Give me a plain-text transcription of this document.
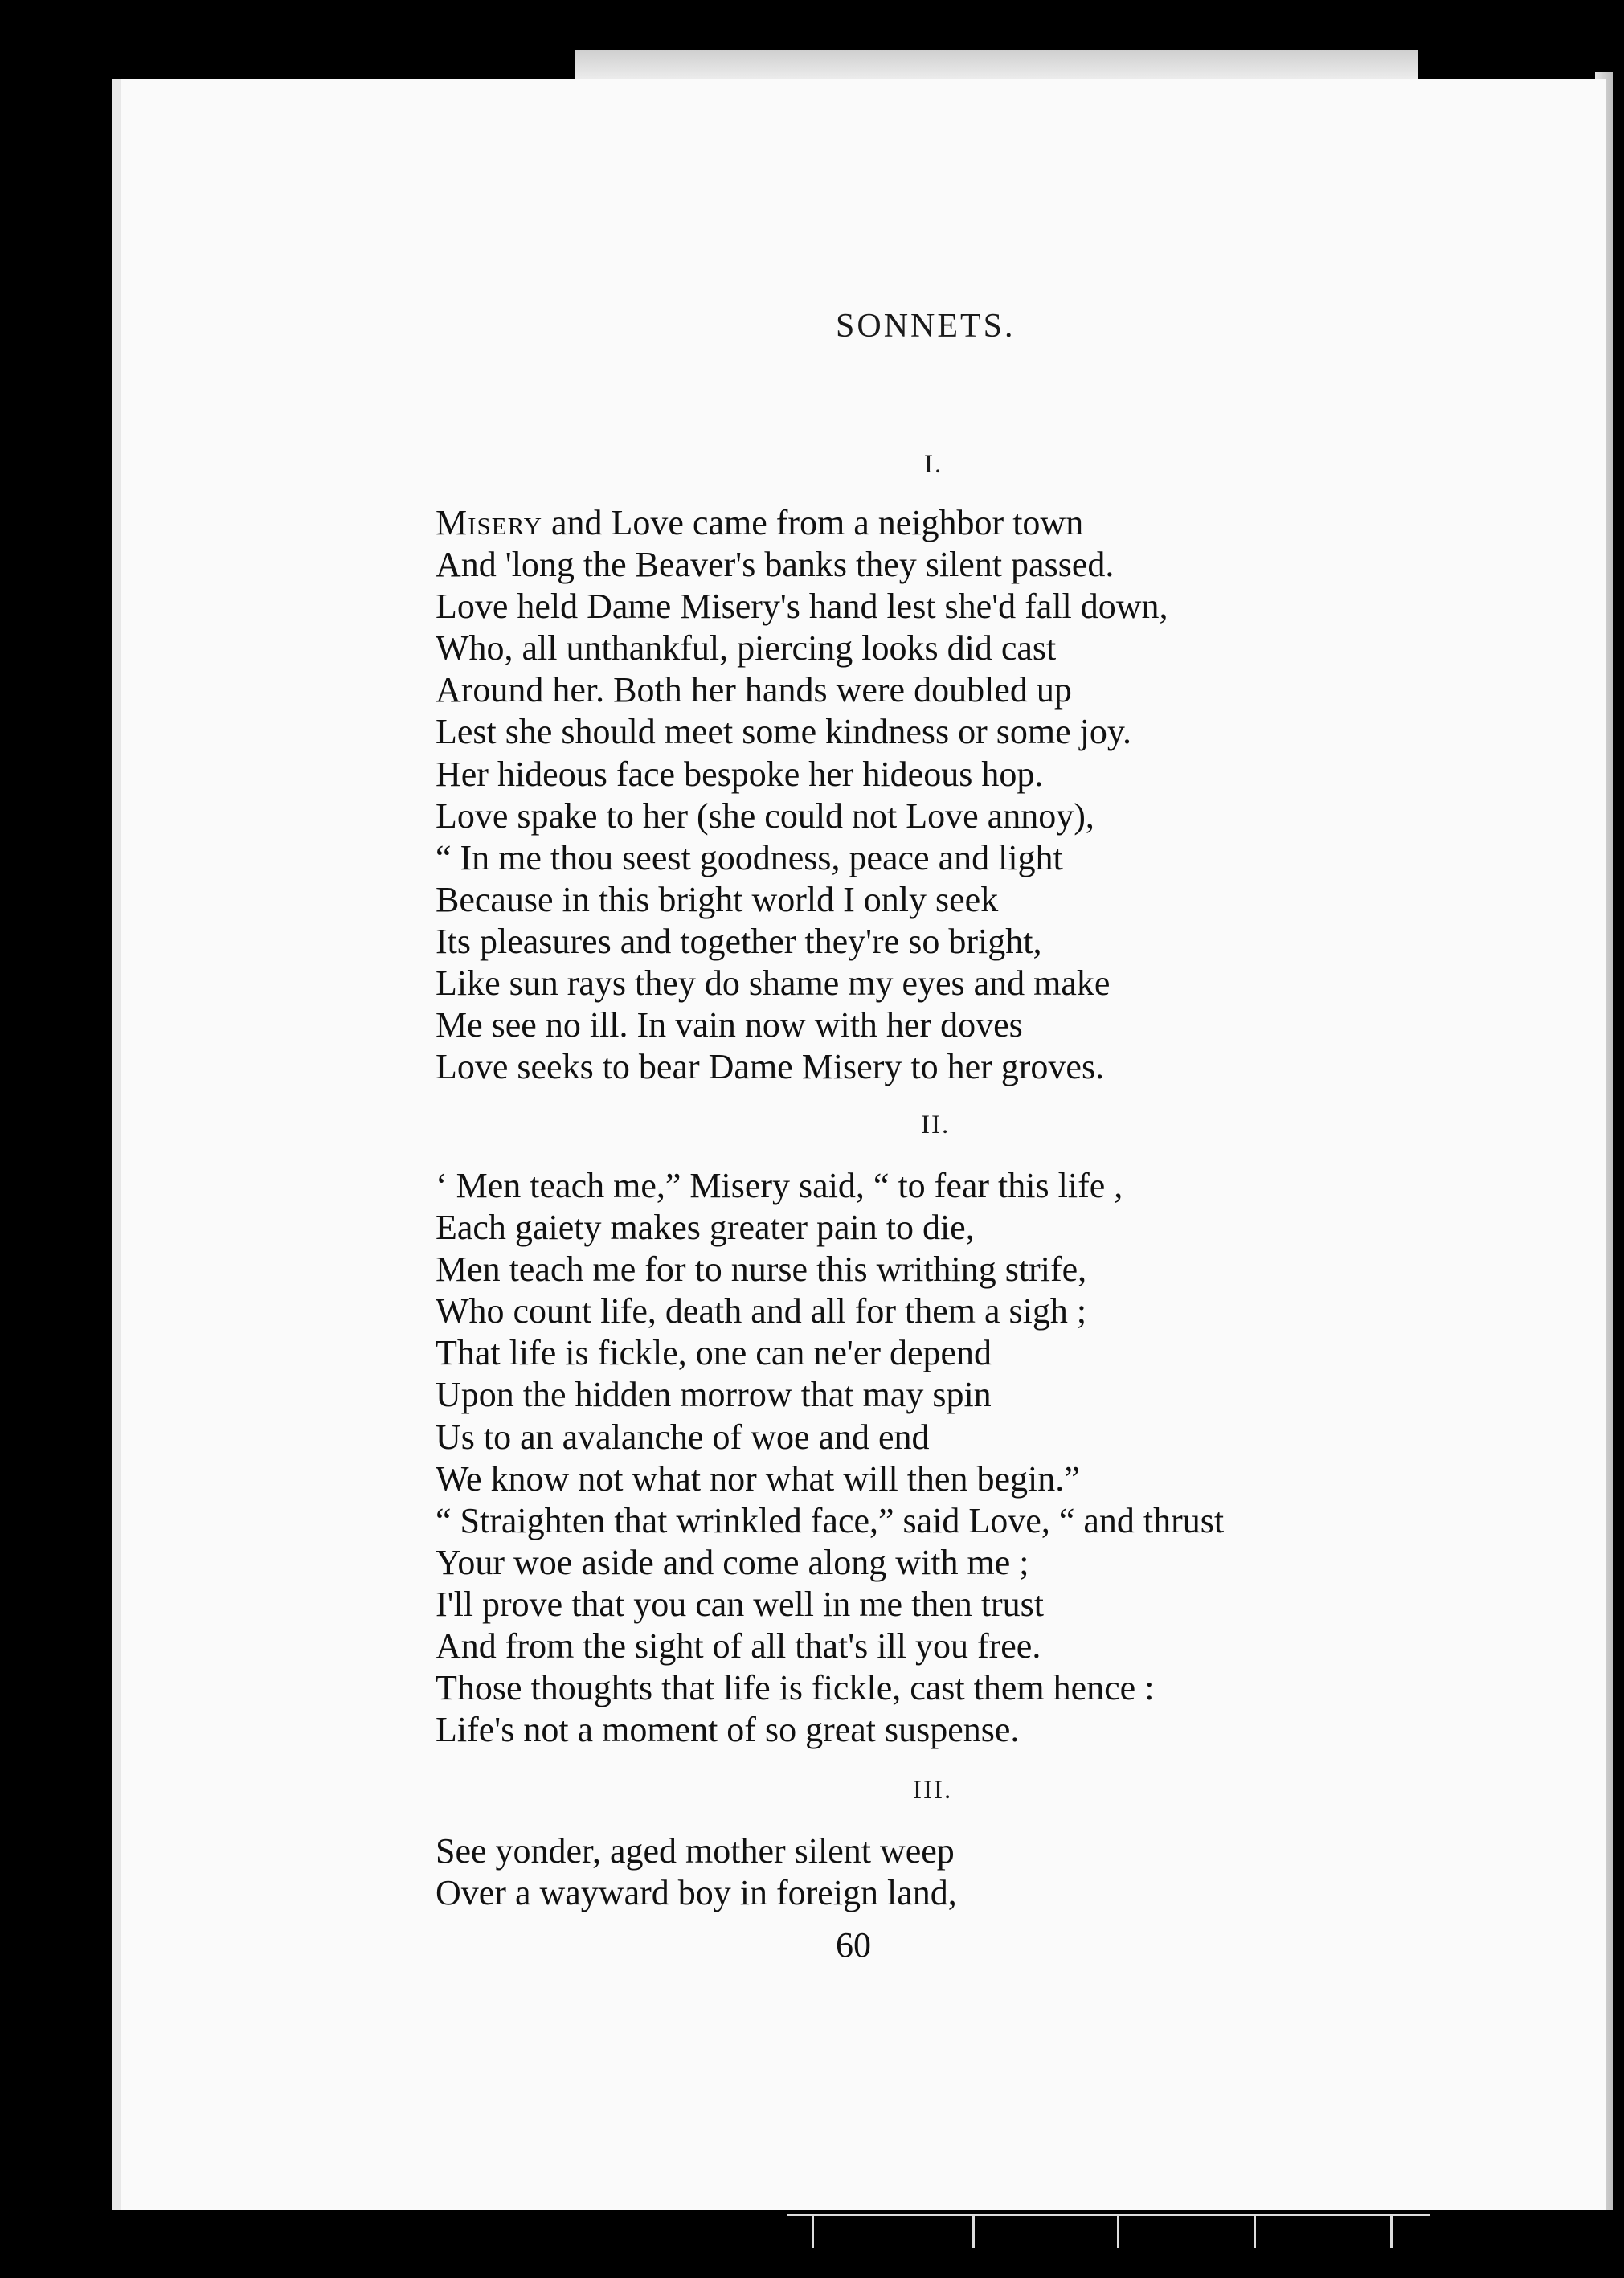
SONNETS.
I.
Misery and Love came from a neighbor town
And 'long the Beaver's banks they silent passed.
Love held Dame Misery's hand lest she'd fall down,
Who, all unthankful, piercing looks did cast
Around her. Both her hands were doubled up
Lest she should meet some kindness or some joy.
Her hideous face bespoke her hideous hop.
Love spake to her (she could not Love annoy),
“ In me thou seest goodness, peace and light
Because in this bright world I only seek
Its pleasures and together they're so bright,
Like sun rays they do shame my eyes and make
Me see no ill. In vain now with her doves
Love seeks to bear Dame Misery to her groves.
II.
‘ Men teach me,” Misery said, “ to fear this life ,
Each gaiety makes greater pain to die,
Men teach me for to nurse this writhing strife,
Who count life, death and all for them a sigh ;
That life is fickle, one can ne'er depend
Upon the hidden morrow that may spin
Us to an avalanche of woe and end
We know not what nor what will then begin.”
“ Straighten that wrinkled face,” said Love, “ and thrust
Your woe aside and come along with me ;
I'll prove that you can well in me then trust
And from the sight of all that's ill you free.
Those thoughts that life is fickle, cast them hence :
Life's not a moment of so great suspense.
III.
See yonder, aged mother silent weep
Over a wayward boy in foreign land,
60
